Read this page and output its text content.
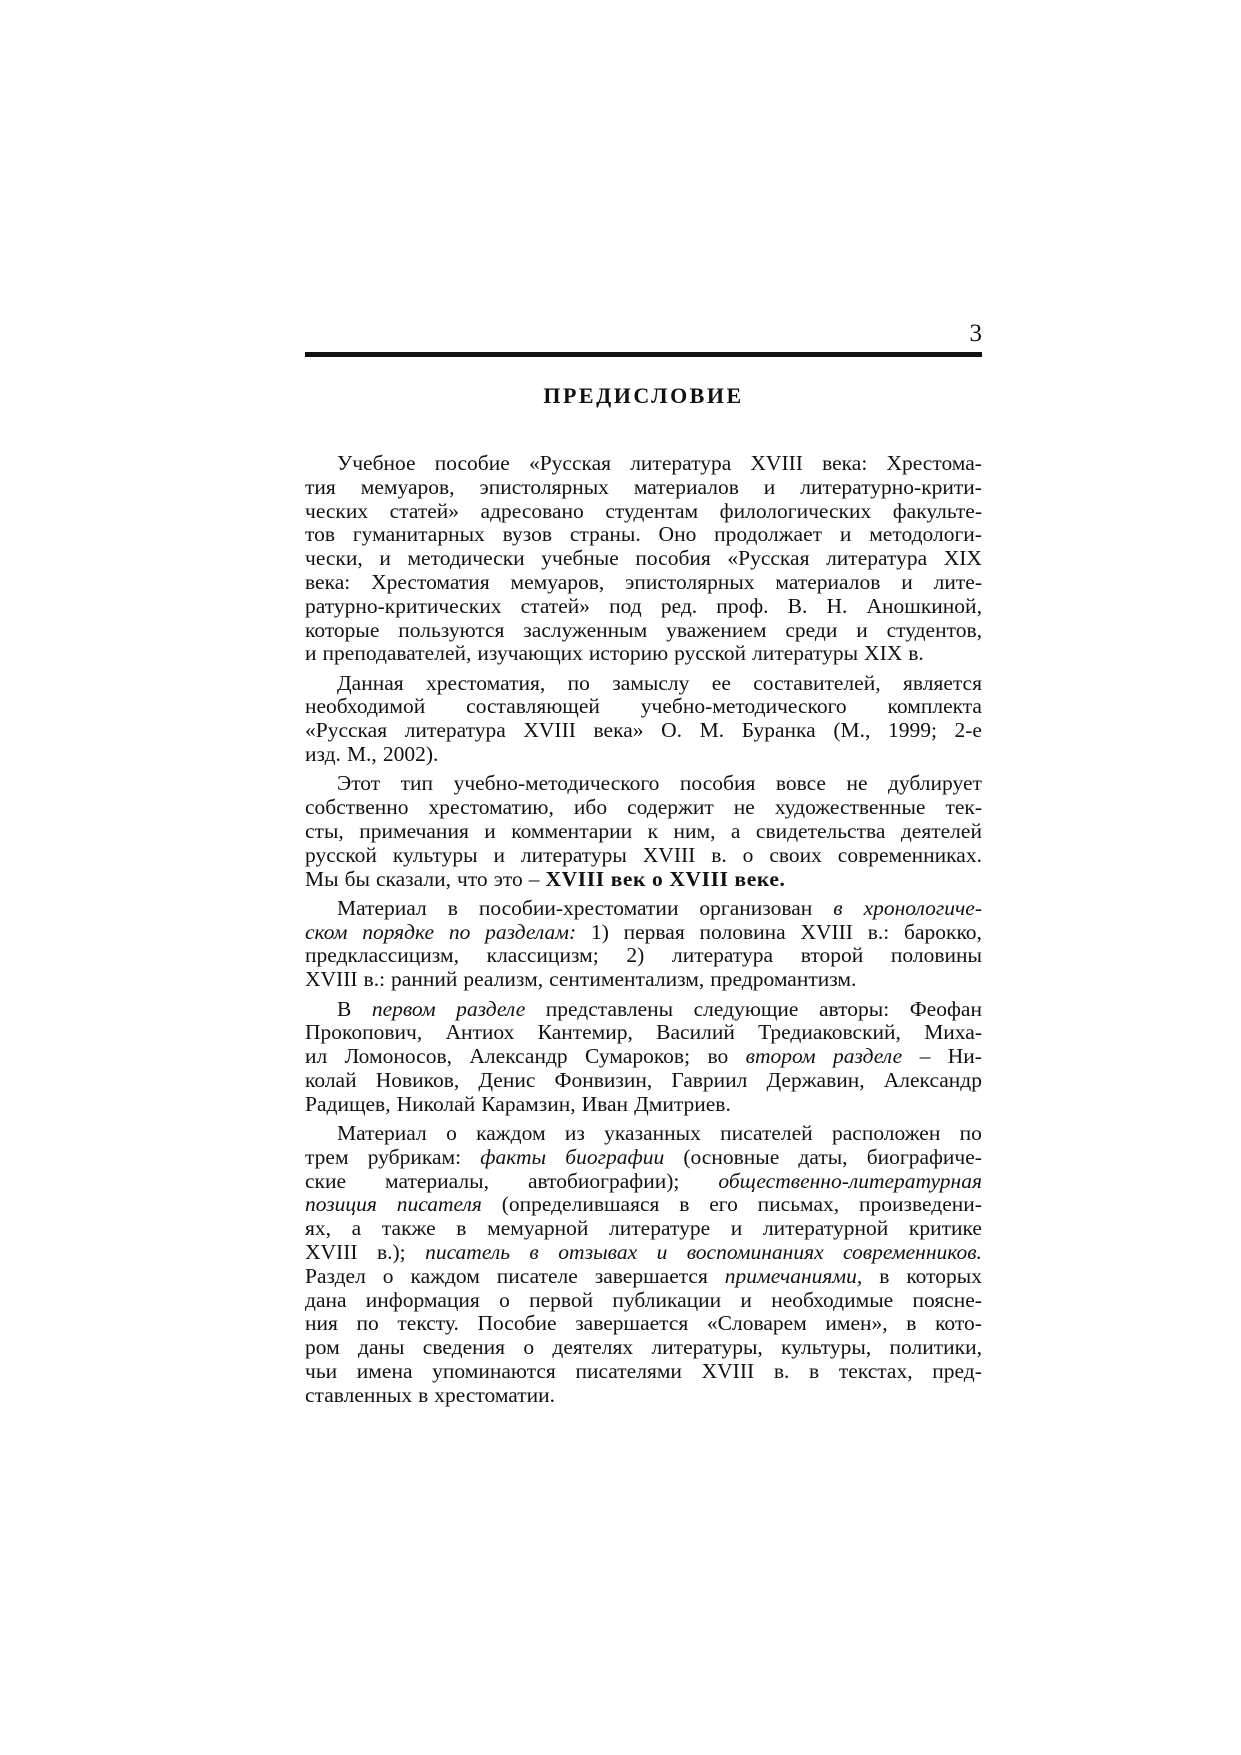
3
ПРЕДИСЛОВИЕ
Учебное пособие «Русская литература XVIII века: Хрестома-
тия мемуаров, эпистолярных материалов и литературно-крити-
ческих статей» адресовано студентам филологических факульте-
тов гуманитарных вузов страны. Оно продолжает и методологи-
чески, и методически учебные пособия «Русская литература XIX
века: Хрестоматия мемуаров, эпистолярных материалов и лите-
ратурно-критических статей» под ред. проф. В. Н. Аношкиной,
которые пользуются заслуженным уважением среди и студентов,
и преподавателей, изучающих историю русской литературы XIX в.
Данная хрестоматия, по замыслу ее составителей, является
необходимой составляющей учебно-методического комплекта
«Русская литература XVIII века» О. М. Буранка (М., 1999; 2-е
изд. М., 2002).
Этот тип учебно-методического пособия вовсе не дублирует
собственно хрестоматию, ибо содержит не художественные тек-
сты, примечания и комментарии к ним, а свидетельства деятелей
русской культуры и литературы XVIII в. о своих современниках.
Мы бы сказали, что это – XVIII век о XVIII веке.
Материал в пособии-хрестоматии организован в хронологиче-
ском порядке по разделам: 1) первая половина XVIII в.: барокко,
предклассицизм, классицизм; 2) литература второй половины
XVIII в.: ранний реализм, сентиментализм, предромантизм.
В первом разделе представлены следующие авторы: Феофан
Прокопович, Антиох Кантемир, Василий Тредиаковский, Миха-
ил Ломоносов, Александр Сумароков; во втором разделе – Ни-
колай Новиков, Денис Фонвизин, Гавриил Державин, Александр
Радищев, Николай Карамзин, Иван Дмитриев.
Материал о каждом из указанных писателей расположен по
трем рубрикам: факты биографии (основные даты, биографиче-
ские материалы, автобиографии); общественно-литературная
позиция писателя (определившаяся в его письмах, произведени-
ях, а также в мемуарной литературе и литературной критике
XVIII в.); писатель в отзывах и воспоминаниях современников.
Раздел о каждом писателе завершается примечаниями, в которых
дана информация о первой публикации и необходимые поясне-
ния по тексту. Пособие завершается «Словарем имен», в кото-
ром даны сведения о деятелях литературы, культуры, политики,
чьи имена упоминаются писателями XVIII в. в текстах, пред-
ставленных в хрестоматии.
